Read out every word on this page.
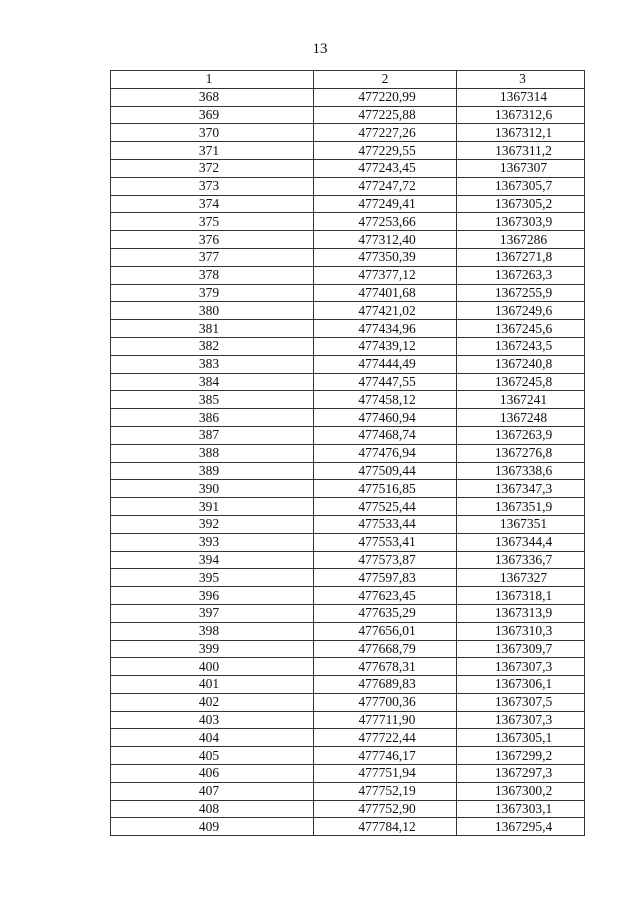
13
1	2	3
368	477220,99	1367314
369	477225,88	1367312,6
370	477227,26	1367312,1
371	477229,55	1367311,2
372	477243,45	1367307
373	477247,72	1367305,7
374	477249,41	1367305,2
375	477253,66	1367303,9
376	477312,40	1367286
377	477350,39	1367271,8
378	477377,12	1367263,3
379	477401,68	1367255,9
380	477421,02	1367249,6
381	477434,96	1367245,6
382	477439,12	1367243,5
383	477444,49	1367240,8
384	477447,55	1367245,8
385	477458,12	1367241
386	477460,94	1367248
387	477468,74	1367263,9
388	477476,94	1367276,8
389	477509,44	1367338,6
390	477516,85	1367347,3
391	477525,44	1367351,9
392	477533,44	1367351
393	477553,41	1367344,4
394	477573,87	1367336,7
395	477597,83	1367327
396	477623,45	1367318,1
397	477635,29	1367313,9
398	477656,01	1367310,3
399	477668,79	1367309,7
400	477678,31	1367307,3
401	477689,83	1367306,1
402	477700,36	1367307,5
403	477711,90	1367307,3
404	477722,44	1367305,1
405	477746,17	1367299,2
406	477751,94	1367297,3
407	477752,19	1367300,2
408	477752,90	1367303,1
409	477784,12	1367295,4
